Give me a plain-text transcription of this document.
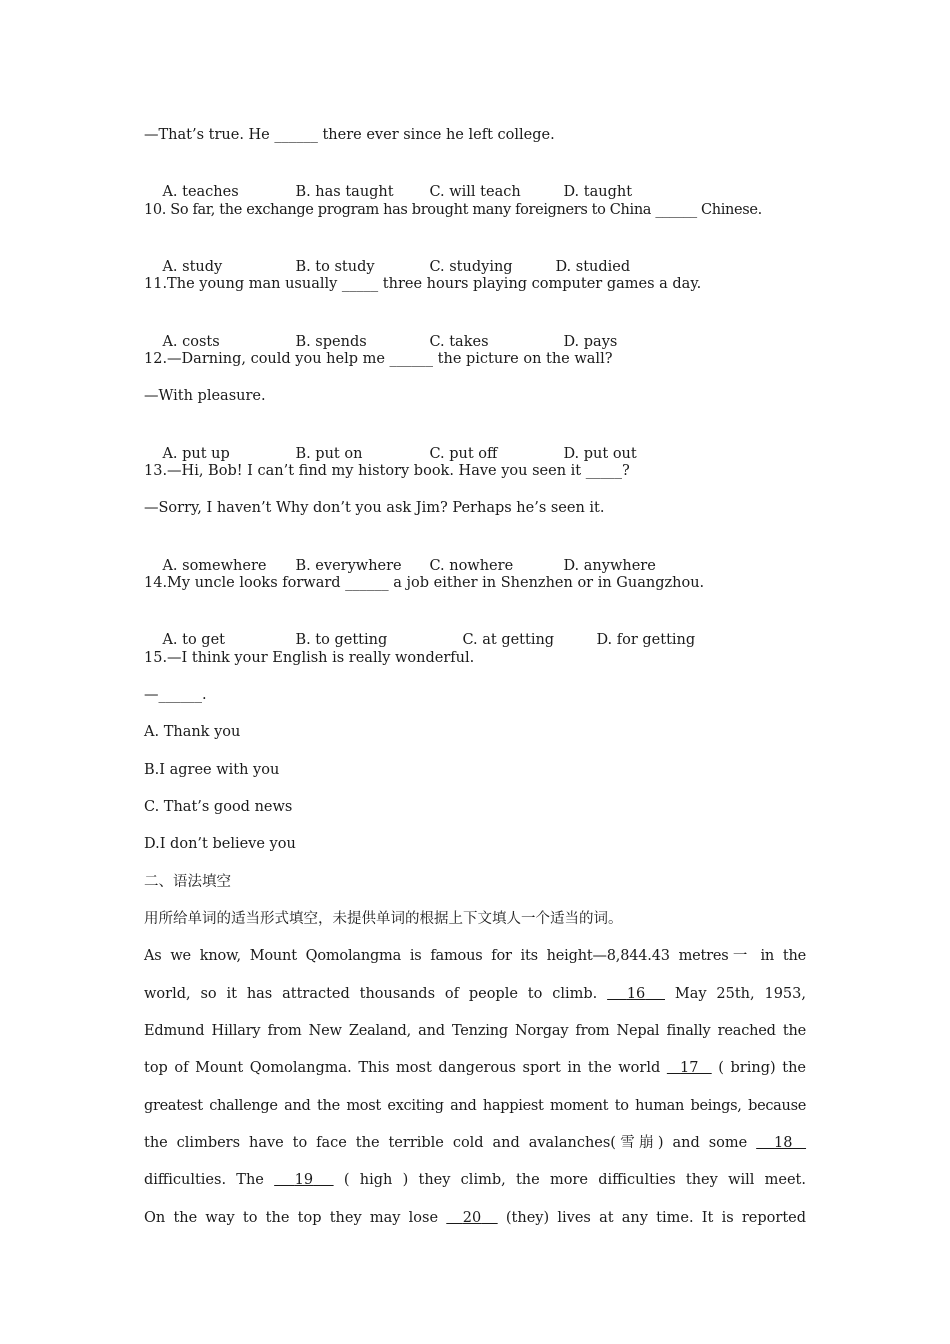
—That’s true. He ______ there ever since he left college.

A. teaches	B. has taught C. will teach	D. taught

10. So far, the exchange program has brought many foreigners to China ______ Chinese.

A. study	B. to study	C. studying	D. studied

11.The young man usually _____ three hours playing computer games a day.

A. costs	B. spends	C. takes	D. pays

12.—Darning, could you help me ______ the picture on the wall?
—With pleasure.

A. put up	B. put on	C. put off	D. put out

13.—Hi, Bob! I can’t find my history book. Have you seen it _____?
—Sorry, I haven’t Why don’t you ask Jim? Perhaps he’s seen it.

A. somewhere B. everywhere C. nowhere	D. anywhere

14.My uncle looks forward ______ a job either in Shenzhen or in Guangzhou.

A. to get	B. to getting	C. at getting	D. for getting

15.—I think your English is really wonderful.
—______.
A. Thank you
B.I agree with you
C. That’s good news
D.I don’t believe you
二、语法填空
用所给单词的适当形式填空，未提供单词的根据上下文填人一个适当的词。
As we know, Mount Qomolangma is famous for its height—8,844.43 metres一 in the
world, so it has attracted thousands of people to climb. 16 May 25th, 1953,
Edmund Hillary from New Zealand, and Tenzing Norgay from Nepal finally reached the
top of Mount Qomolangma. This most dangerous sport in the world 17 ( bring) the
greatest challenge and the most exciting and happiest moment to human beings, because
the climbers have to face the terrible cold and avalanches(雪崩) and some 18
difficulties. The 19 ( high ) they climb, the more difficulties they will meet.
On the way to the top they may lose 20 (they) lives at any time. It is reported
